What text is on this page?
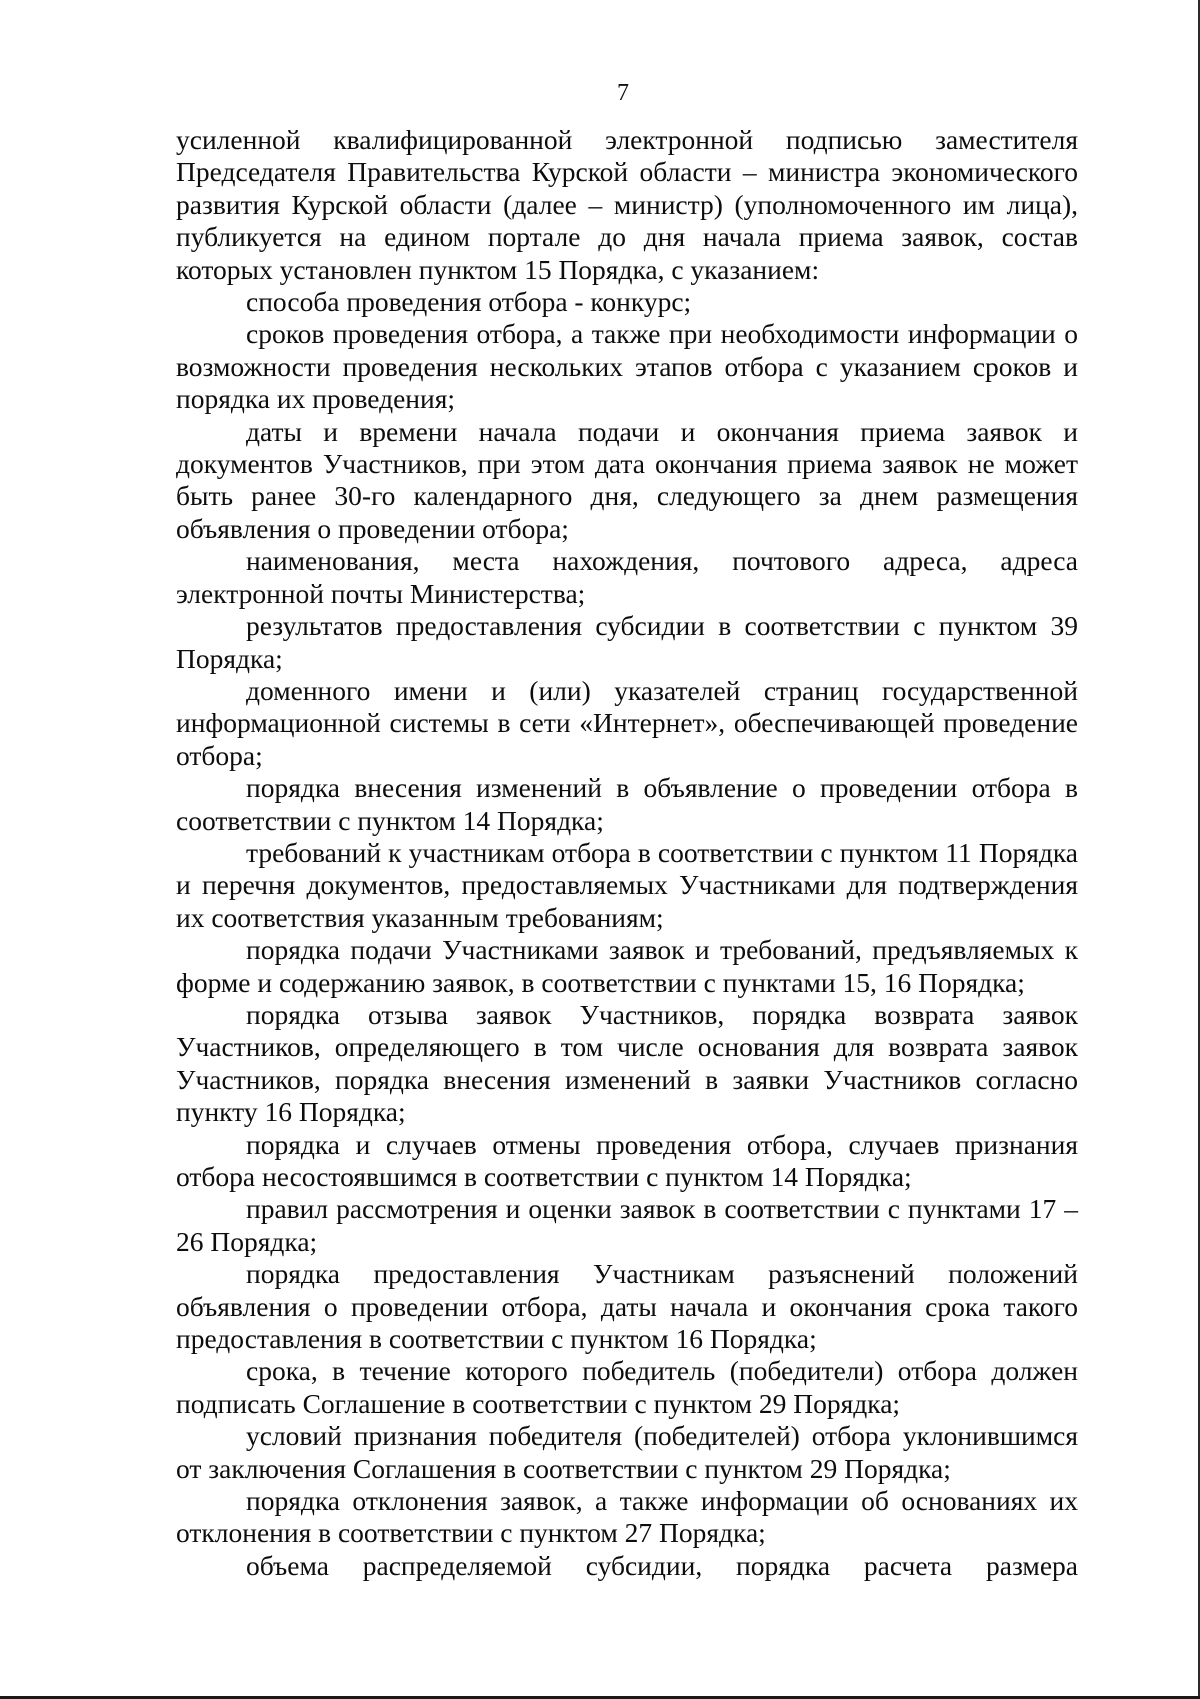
7

усиленной квалифицированной электронной подписью заместителя Председателя Правительства Курской области – министра экономического развития Курской области (далее – министр) (уполномоченного им лица), публикуется на едином портале до дня начала приема заявок, состав которых установлен пунктом 15 Порядка, с указанием:

способа проведения отбора - конкурс;

сроков проведения отбора, а также при необходимости информации о возможности проведения нескольких этапов отбора с указанием сроков и порядка их проведения;

даты и времени начала подачи и окончания приема заявок и документов Участников, при этом дата окончания приема заявок не может быть ранее 30-го календарного дня, следующего за днем размещения объявления о проведении отбора;

наименования, места нахождения, почтового адреса, адреса электронной почты Министерства;

результатов предоставления субсидии в соответствии с пунктом 39 Порядка;

доменного имени и (или) указателей страниц государственной информационной системы в сети «Интернет», обеспечивающей проведение отбора;

порядка внесения изменений в объявление о проведении отбора в соответствии с пунктом 14 Порядка;

требований к участникам отбора в соответствии с пунктом 11 Порядка и перечня документов, предоставляемых Участниками для подтверждения их соответствия указанным требованиям;

порядка подачи Участниками заявок и требований, предъявляемых к форме и содержанию заявок, в соответствии с пунктами 15, 16 Порядка;

порядка отзыва заявок Участников, порядка возврата заявок Участников, определяющего в том числе основания для возврата заявок Участников, порядка внесения изменений в заявки Участников согласно пункту 16 Порядка;

порядка и случаев отмены проведения отбора, случаев признания отбора несостоявшимся в соответствии с пунктом 14 Порядка;

правил рассмотрения и оценки заявок в соответствии с пунктами 17 – 26 Порядка;

порядка предоставления Участникам разъяснений положений объявления о проведении отбора, даты начала и окончания срока такого предоставления в соответствии с пунктом 16 Порядка;

срока, в течение которого победитель (победители) отбора должен подписать Соглашение в соответствии с пунктом 29 Порядка;

условий признания победителя (победителей) отбора уклонившимся от заключения Соглашения в соответствии с пунктом 29 Порядка;

порядка отклонения заявок, а также информации об основаниях их отклонения в соответствии с пунктом 27 Порядка;

объема распределяемой субсидии, порядка расчета размера
